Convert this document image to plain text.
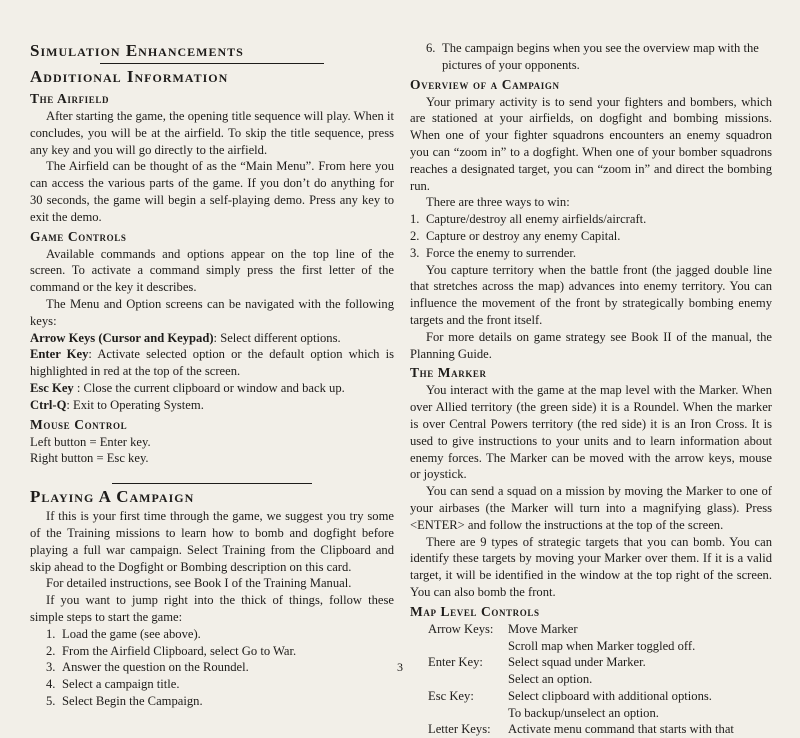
Simulation Enhancements

Additional Information

The Airfield

After starting the game, the opening title sequence will play. When it concludes, you will be at the airfield. To skip the title sequence, press any key and you will go directly to the airfield.

The Airfield can be thought of as the “Main Menu”. From here you can access the various parts of the game. If you don’t do anything for 30 seconds, the game will begin a self-playing demo. Press any key to exit the demo.

Game Controls

Available commands and options appear on the top line of the screen. To activate a command simply press the first letter of the command or the key it describes.

The Menu and Option screens can be navigated with the following keys:

Arrow Keys (Cursor and Keypad): Select different options.

Enter Key: Activate selected option or the default option which is highlighted in red at the top of the screen.

Esc Key : Close the current clipboard or window and back up.

Ctrl-Q: Exit to Operating System.

Mouse Control

Left button = Enter key.

Right button = Esc key.

Playing A Campaign

If this is your first time through the game, we suggest you try some of the Training missions to learn how to bomb and dogfight before playing a full war campaign. Select Training from the Clipboard and skip ahead to the Dogfight or Bombing description on this card.

For detailed instructions, see Book I of the Training Manual.

If you want to jump right into the thick of things, follow these simple steps to start the game:

1. Load the game (see above).
2. From the Airfield Clipboard, select Go to War.
3. Answer the question on the Roundel.
4. Select a campaign title.
5. Select Begin the Campaign.
6. The campaign begins when you see the overview map with the pictures of your opponents.
Overview of a Campaign

Your primary activity is to send your fighters and bombers, which are stationed at your airfields, on dogfight and bombing missions. When one of your fighter squadrons encounters an enemy squadron you can “zoom in” to a dogfight. When one of your bomber squadrons reaches a designated target, you can “zoom in” and direct the bombing run.

There are three ways to win:

1. Capture/destroy all enemy airfields/aircraft.
2. Capture or destroy any enemy Capital.
3. Force the enemy to surrender.

You capture territory when the battle front (the jagged double line that stretches across the map) advances into enemy territory. You can influence the movement of the front by strategically bombing enemy targets and the front itself.

For more details on game strategy see Book II of the manual, the Planning Guide.

The Marker

You interact with the game at the map level with the Marker. When over Allied territory (the green side) it is a Roundel. When the marker is over Central Powers territory (the red side) it is an Iron Cross. It is used to give instructions to your units and to learn information about enemy forces. The Marker can be moved with the arrow keys, mouse or joystick.

You can send a squad on a mission by moving the Marker to one of your airbases (the Marker will turn into a magnifying glass). Press <ENTER> and follow the instructions at the top of the screen.

There are 9 types of strategic targets that you can bomb. You can identify these targets by moving your Marker over them. If it is a valid target, it will be identified in the window at the top right of the screen. You can also bomb the front.

Map Level Controls
Arrow Keys:	Move Marker
Scroll map when Marker toggled off.
Enter Key:	Select squad under Marker.
Select an option.
Esc Key:	Select clipboard with additional options.
To backup/unselect an option.
Letter Keys:	Activate menu command that starts with that
3
